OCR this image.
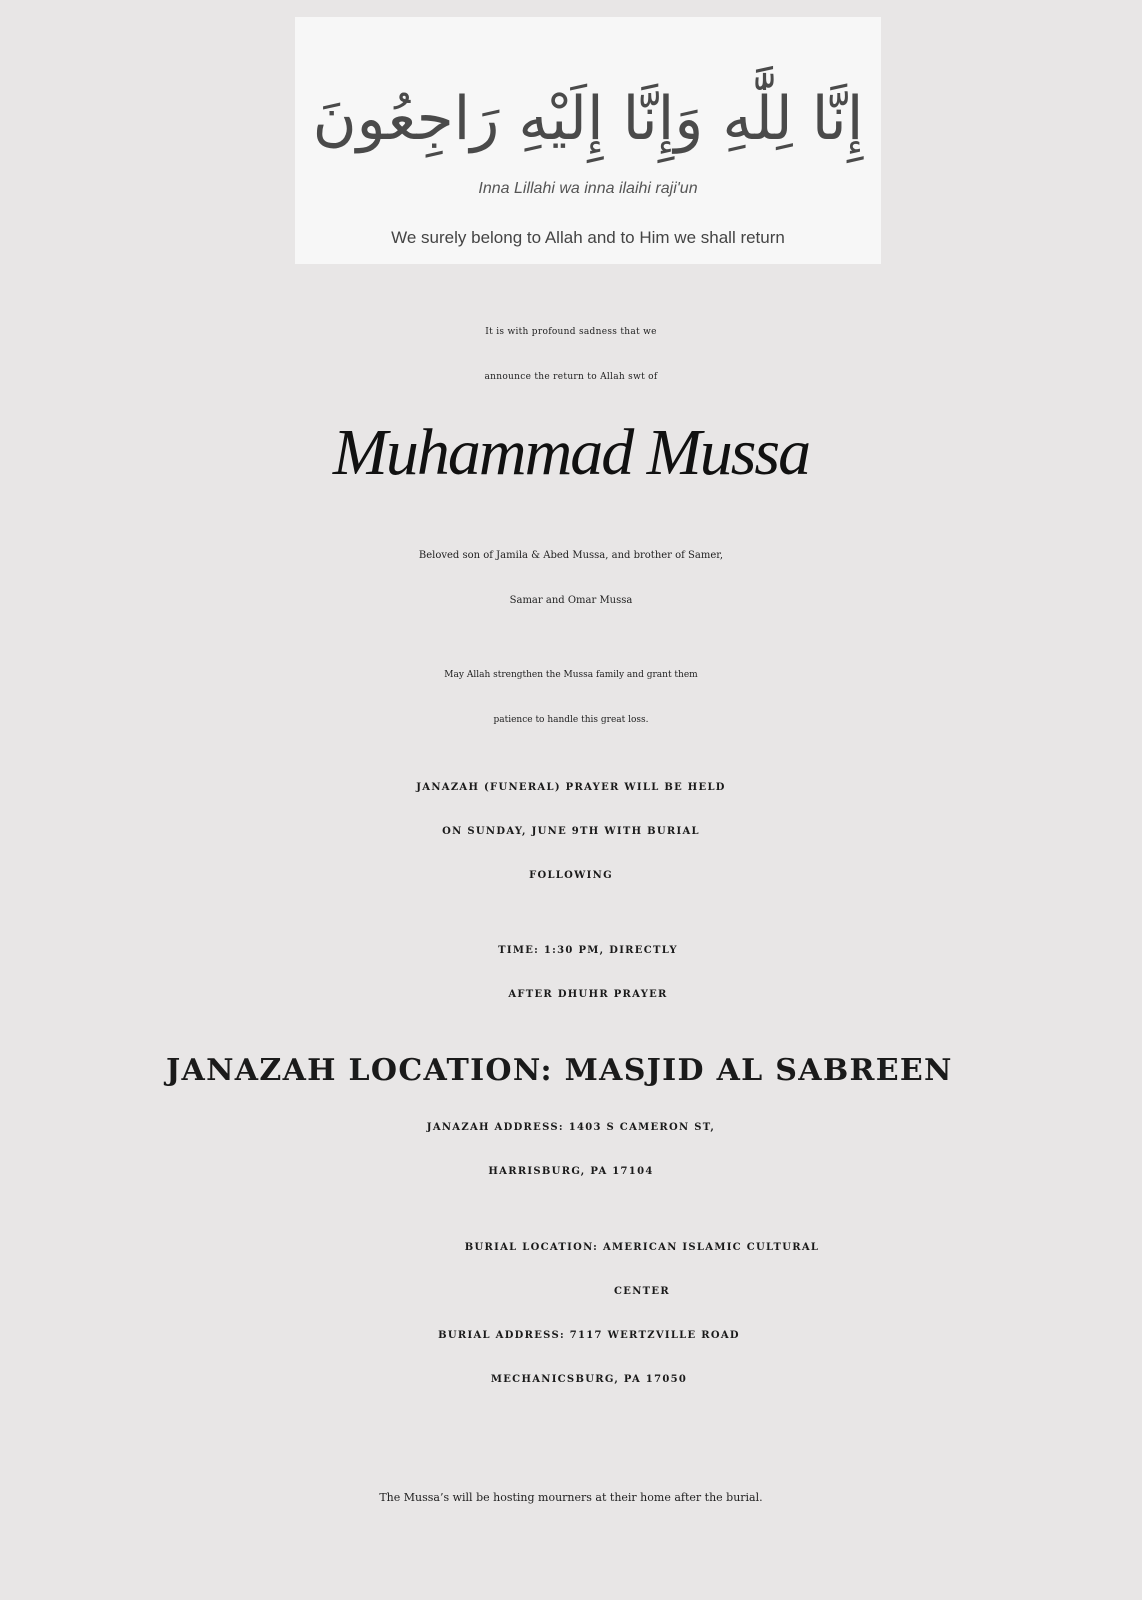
إِنَّا لِلَّٰهِ وَإِنَّا إِلَيْهِ رَاجِعُونَ
Inna Lillahi wa inna ilaihi raji'un
We surely belong to Allah and to Him we shall return
It is with profound sadness that we
announce the return to Allah swt of
Muhammad Mussa
Beloved son of Jamila & Abed Mussa, and brother of Samer,
Samar and Omar Mussa
May Allah strengthen the Mussa family and grant them
patience to handle this great loss.
JANAZAH (FUNERAL) PRAYER WILL BE HELD
ON SUNDAY, JUNE 9TH WITH BURIAL
FOLLOWING
TIME: 1:30 PM, DIRECTLY
AFTER DHUHR PRAYER
JANAZAH LOCATION: MASJID AL SABREEN
JANAZAH ADDRESS: 1403 S CAMERON ST,
HARRISBURG, PA 17104
BURIAL LOCATION: AMERICAN ISLAMIC CULTURAL
CENTER
BURIAL ADDRESS: 7117 WERTZVILLE ROAD
MECHANICSBURG, PA 17050
The Mussa’s will be hosting mourners at their home after the burial.
